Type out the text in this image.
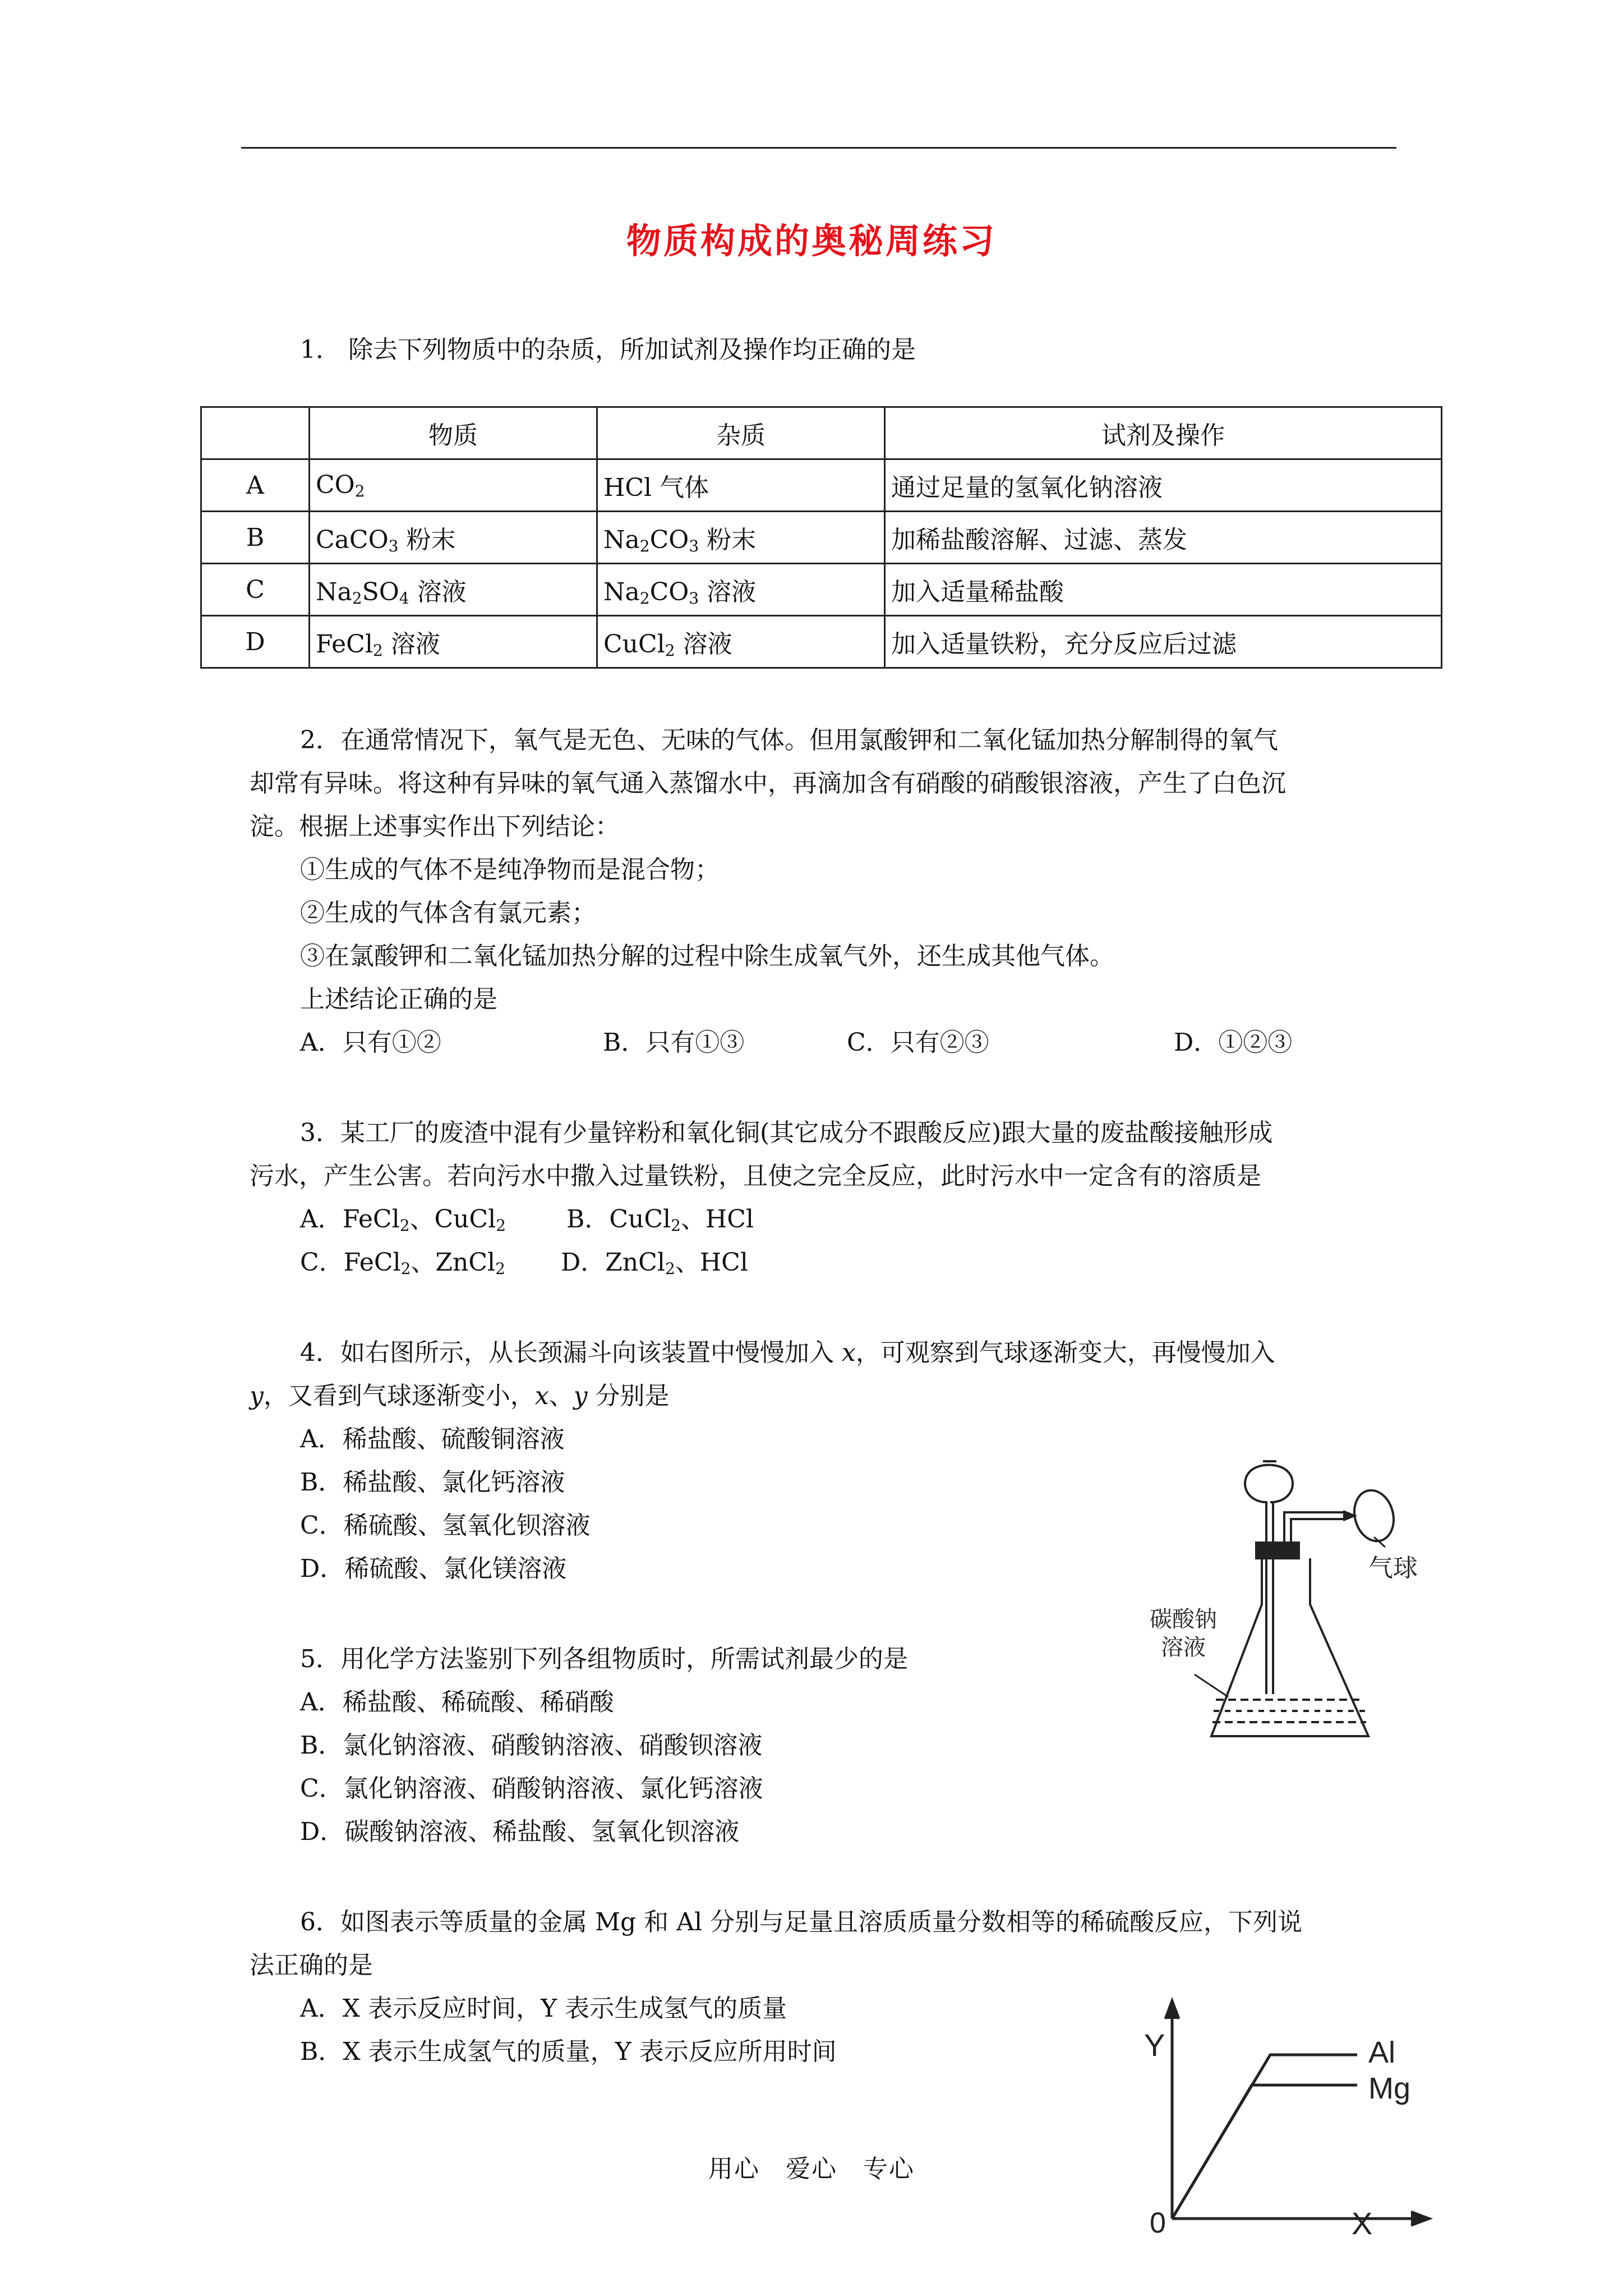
物质构成的奥秘周练习
1． 除去下列物质中的杂质，所加试剂及操作均正确的是
	物质	杂质	试剂及操作
A	$CO_2$	HCl 气体	通过足量的氢氧化钠溶液
B	CaCO$_3$ 粉末	$Na_2CO_3$ 粉末	加稀盐酸溶解、过滤、蒸发
C	$Na_2SO_4$ 溶液	$Na_2CO_3$ 溶液	加入适量稀盐酸
D	FeCl$_2$ 溶液	CuCl$_2$ 溶液	加入适量铁粉，充分反应后过滤
2．在通常情况下，氧气是无色、无味的气体。但用氯酸钾和二氧化锰加热分解制得的氧气
却常有异味。将这种有异味的氧气通入蒸馏水中，再滴加含有硝酸的硝酸银溶液，产生了白色沉
淀。根据上述事实作出下列结论：
①生成的气体不是纯净物而是混合物；
②生成的气体含有氯元素；
③在氯酸钾和二氧化锰加热分解的过程中除生成氧气外，还生成其他气体。
上述结论正确的是
A．只有①②	B．只有①③	C．只有②③	D．①②③
3．某工厂的废渣中混有少量锌粉和氧化铜(其它成分不跟酸反应)跟大量的废盐酸接触形成
污水，产生公害。若向污水中撒入过量铁粉，且使之完全反应，此时污水中一定含有的溶质是
A．FeCl$_2$、CuCl$_2$ B．CuCl$_2$、HCl
C．FeCl$_2$、ZnCl$_2$ D．ZnCl$_2$、HCl
4．如右图所示，从长颈漏斗向该装置中慢慢加入 x，可观察到气球逐渐变大，再慢慢加入
y，又看到气球逐渐变小，x、y 分别是
A．稀盐酸、硫酸铜溶液
B．稀盐酸、氯化钙溶液
C．稀硫酸、氢氧化钡溶液
D．稀硫酸、氯化镁溶液	气球
碳酸钠
溶液
5．用化学方法鉴别下列各组物质时，所需试剂最少的是
A．稀盐酸、稀硫酸、稀硝酸
B．氯化钠溶液、硝酸钠溶液、硝酸钡溶液
C．氯化钠溶液、硝酸钠溶液、氯化钙溶液
D．碳酸钠溶液、稀盐酸、氢氧化钡溶液
6．如图表示等质量的金属 Mg 和 Al 分别与足量且溶质质量分数相等的稀硫酸反应，下列说
法正确的是
A．X 表示反应时间，Y 表示生成氢气的质量
B．X 表示生成氢气的质量，Y 表示反应所用时间	Y
X
0
Al
Mg
用心　爱心　专心
